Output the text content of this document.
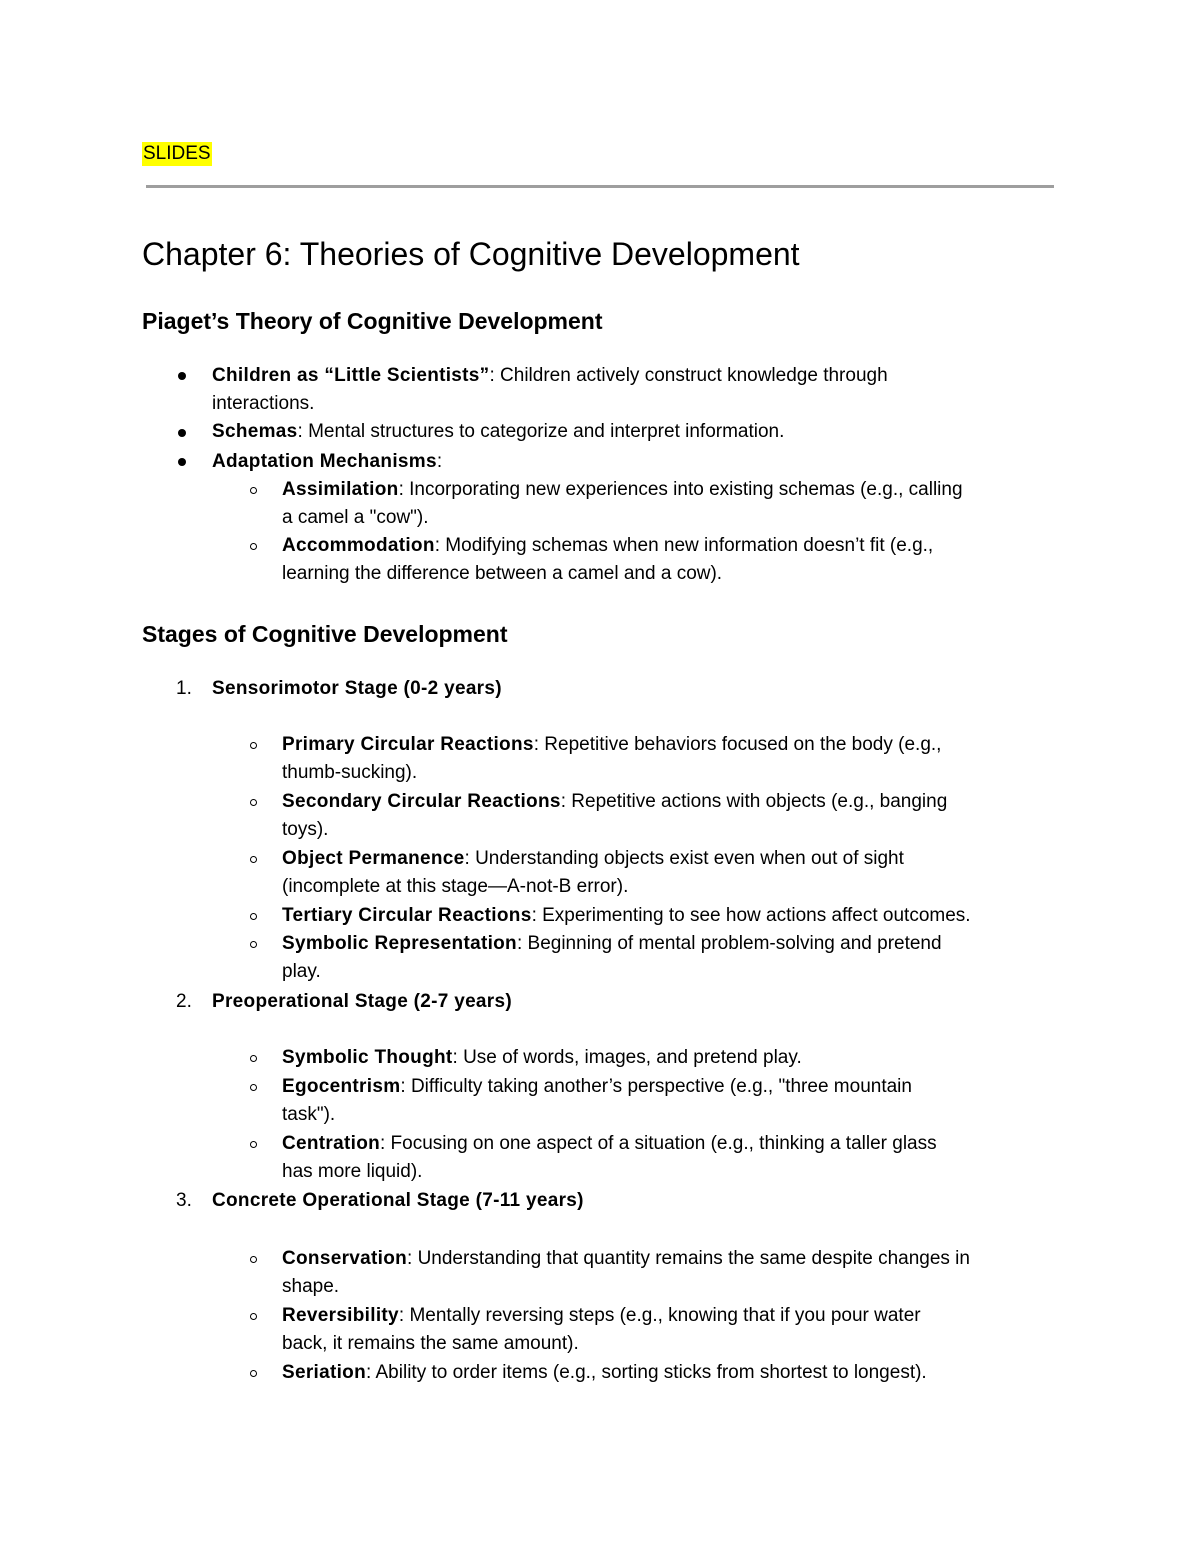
SLIDES
Chapter 6: Theories of Cognitive Development
Piaget’s Theory of Cognitive Development
Children as “Little Scientists”: Children actively construct knowledge through
interactions.
Schemas: Mental structures to categorize and interpret information.
Adaptation Mechanisms:
Assimilation: Incorporating new experiences into existing schemas (e.g., calling
a camel a "cow").
Accommodation: Modifying schemas when new information doesn’t fit (e.g.,
learning the difference between a camel and a cow).
Stages of Cognitive Development
1. Sensorimotor Stage (0-2 years)
Primary Circular Reactions: Repetitive behaviors focused on the body (e.g.,
thumb-sucking).
Secondary Circular Reactions: Repetitive actions with objects (e.g., banging
toys).
Object Permanence: Understanding objects exist even when out of sight
(incomplete at this stage—A-not-B error).
Tertiary Circular Reactions: Experimenting to see how actions affect outcomes.
Symbolic Representation: Beginning of mental problem-solving and pretend
play.
2. Preoperational Stage (2-7 years)
Symbolic Thought: Use of words, images, and pretend play.
Egocentrism: Difficulty taking another’s perspective (e.g., "three mountain
task").
Centration: Focusing on one aspect of a situation (e.g., thinking a taller glass
has more liquid).
3. Concrete Operational Stage (7-11 years)
Conservation: Understanding that quantity remains the same despite changes in
shape.
Reversibility: Mentally reversing steps (e.g., knowing that if you pour water
back, it remains the same amount).
Seriation: Ability to order items (e.g., sorting sticks from shortest to longest).
